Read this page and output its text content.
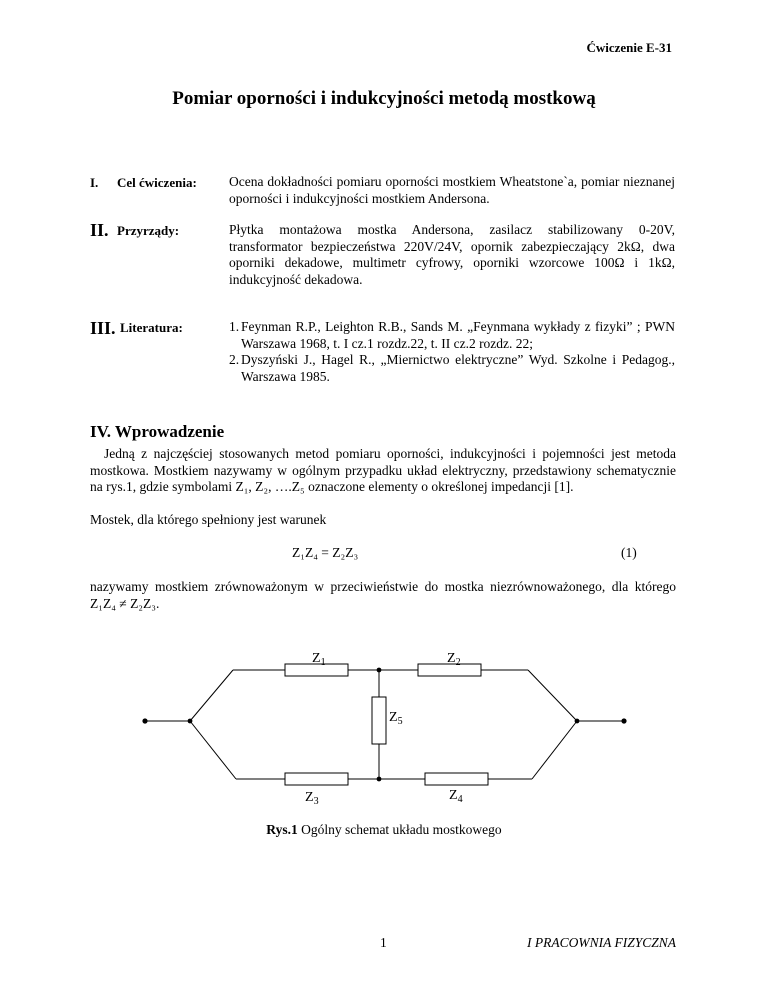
Ćwiczenie E-31
Pomiar oporności i indukcyjności metodą mostkową
I. Cel ćwiczenia: Ocena dokładności pomiaru oporności mostkiem Wheatstone`a, pomiar nieznanej oporności i indukcyjności mostkiem Andersona.
II. Przyrządy:	Płytka montażowa mostka Andersona, zasilacz stabilizowany 0-20V, transformator bezpieczeństwa 220V/24V, opornik zabezpieczający 2kΩ, dwa oporniki dekadowe, multimetr cyfrowy, oporniki wzorcowe 100Ω i 1kΩ, indukcyjność dekadowa.
III. Literatura:	1. Feynman R.P., Leighton R.B., Sands M. „Feynmana wykłady z fizyki” ; PWN Warszawa 1968, t. I cz.1 rozdz.22, t. II cz.2 rozdz. 22;
2. Dyszyński J., Hagel R., „Miernictwo elektryczne” Wyd. Szkolne i Pedagog., Warszawa 1985.
IV. Wprowadzenie
Jedną z najczęściej stosowanych metod pomiaru oporności, indukcyjności i pojemności jest metoda mostkowa. Mostkiem nazywamy w ogólnym przypadku układ elektryczny, przedstawiony schematycznie na rys.1, gdzie symbolami Z₁, Z₂, ….Z₅ oznaczone elementy o określonej impedancji [1].
Mostek, dla którego spełniony jest warunek
Z₁Z₄ = Z₂Z₃	(1)
nazywamy mostkiem zrównoważonym w przeciwieństwie do mostka niezrównoważonego, dla którego Z₁Z₄ ≠ Z₂Z₃.
$Z_1$	$Z_2$
$Z_5$
$Z_3$	$Z_4$
Rys.1 Ogólny schemat układu mostkowego
1	I PRACOWNIA FIZYCZNA
